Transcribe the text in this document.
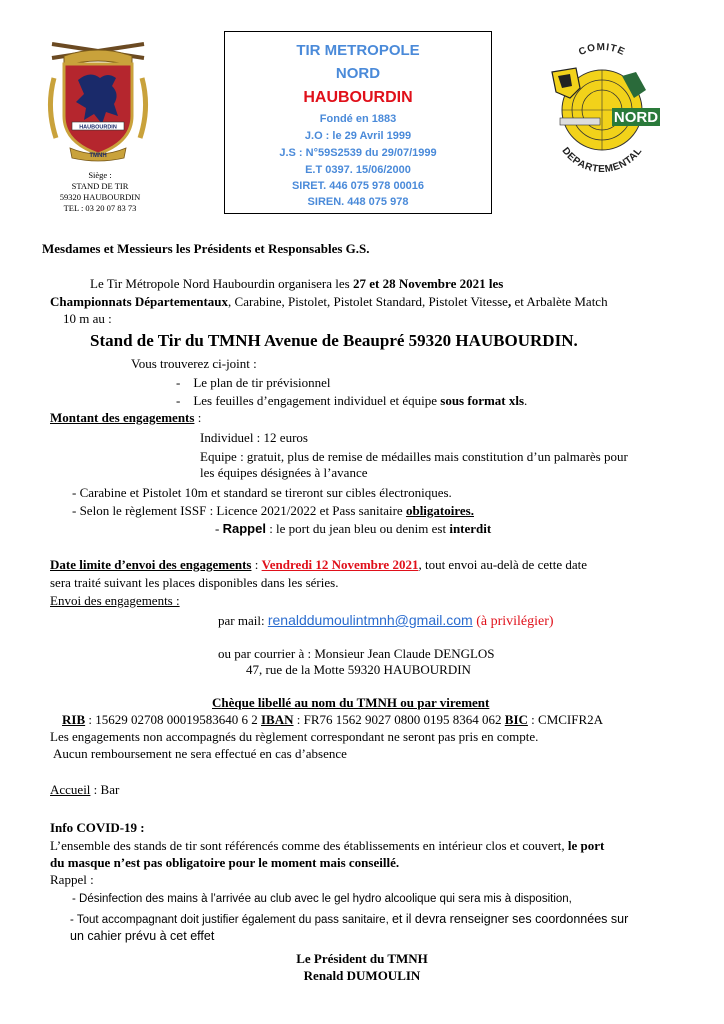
HAUBOURDIN
TMNH
Siège :
STAND DE TIR
59320 HAUBOURDIN
TEL : 03 20 07 83 73
TIR METROPOLE
NORD
HAUBOURDIN
Fondé en 1883
J.O : le 29 Avril 1999
J.S : N°59S2539 du 29/07/1999
E.T 0397. 15/06/2000
SIRET. 446 075 978 00016
SIREN. 448 075 978
COMITE
NORD
DEPARTEMENTAL
Mesdames et Messieurs les Présidents et Responsables G.S.
Le Tir Métropole Nord Haubourdin organisera les 27 et 28 Novembre 2021 les
Championnats Départementaux, Carabine, Pistolet, Pistolet Standard, Pistolet Vitesse, et Arbalète Match
10 m au :
Stand de Tir du TMNH Avenue de Beaupré 59320 HAUBOURDIN.
Vous trouverez ci-joint :
-    Le plan de tir prévisionnel
-    Les feuilles d’engagement individuel et équipe sous format xls.
Montant des engagements :
Individuel : 12 euros
Equipe : gratuit, plus de remise de médailles mais constitution d’un palmarès pour
les équipes désignées à l’avance
- Carabine et Pistolet 10m et standard se tireront sur cibles électroniques.
- Selon le règlement ISSF : Licence 2021/2022 et Pass sanitaire obligatoires.
- Rappel : le port du jean bleu ou denim est interdit
Date limite d’envoi des engagements : Vendredi 12 Novembre 2021, tout envoi au-delà de cette date
sera traité suivant les places disponibles dans les séries.
Envoi des engagements :
par mail: renalddumoulintmnh@gmail.com (à privilégier)
ou par courrier à : Monsieur Jean Claude DENGLOS
47, rue de la Motte 59320 HAUBOURDIN
Chèque libellé au nom du TMNH ou par virement
RIB : 15629 02708 00019583640 6 2 IBAN : FR76 1562 9027 0800 0195 8364 062 BIC : CMCIFR2A
Les engagements non accompagnés du règlement correspondant ne seront pas pris en compte.
Aucun remboursement ne sera effectué en cas d’absence
Accueil : Bar
Info COVID-19 :
L’ensemble des stands de tir sont référencés comme des établissements en intérieur clos et couvert, le port
du masque n’est pas obligatoire pour le moment mais conseillé.
Rappel :
- Désinfection des mains à l’arrivée au club avec le gel hydro alcoolique qui sera mis à disposition,
- Tout accompagnant doit justifier également du pass sanitaire, et il devra renseigner ses coordonnées sur
un cahier prévu à cet effet
Le Président du TMNH
Renald DUMOULIN
